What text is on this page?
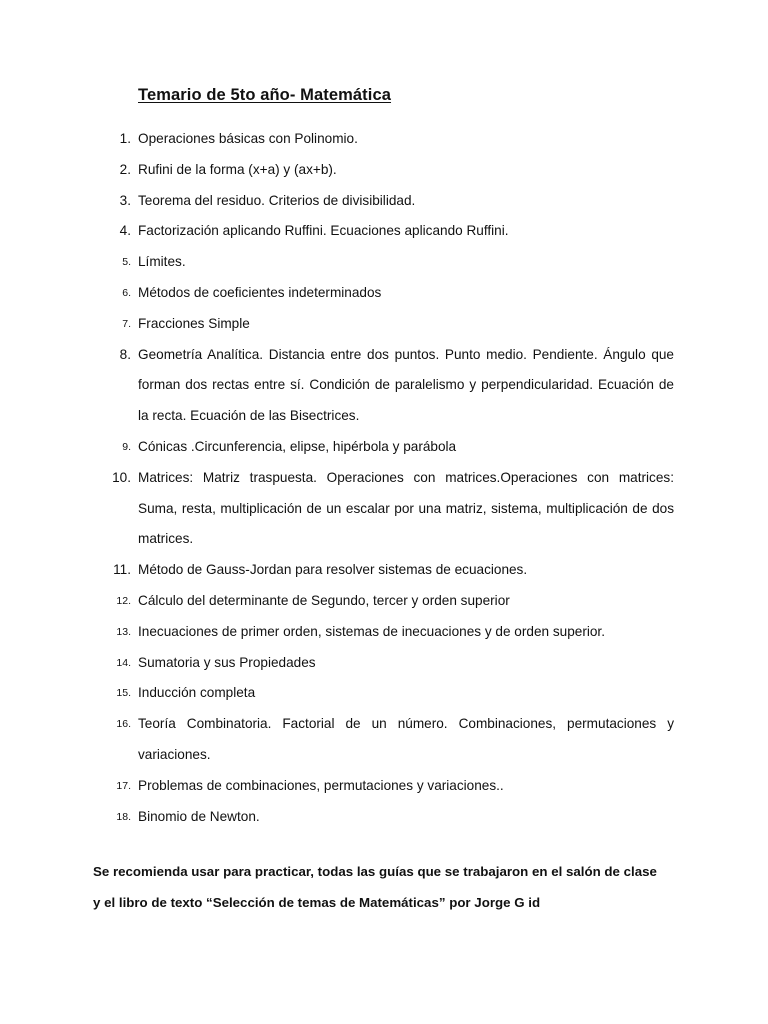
Temario de 5to año- Matemática
1. Operaciones básicas con Polinomio.
2. Rufini de la forma (x+a) y (ax+b).
3. Teorema del residuo. Criterios de divisibilidad.
4. Factorización aplicando Ruffini. Ecuaciones aplicando Ruffini.
5. Límites.
6. Métodos de coeficientes indeterminados
7. Fracciones Simple
8. Geometría Analítica. Distancia entre dos puntos. Punto medio. Pendiente. Ángulo que forman dos rectas entre sí. Condición de paralelismo y perpendicularidad. Ecuación de la recta. Ecuación de las Bisectrices.
9. Cónicas .Circunferencia, elipse, hipérbola y parábola
10. Matrices: Matriz traspuesta. Operaciones con matrices.Operaciones con matrices: Suma, resta, multiplicación de un escalar por una matriz, sistema, multiplicación de dos matrices.
11. Método de Gauss-Jordan para resolver sistemas de ecuaciones.
12. Cálculo del determinante de Segundo, tercer y orden superior
13. Inecuaciones de primer orden, sistemas de inecuaciones y de orden superior.
14. Sumatoria y sus Propiedades
15. Inducción completa
16. Teoría Combinatoria. Factorial de un número. Combinaciones, permutaciones y variaciones.
17. Problemas de combinaciones, permutaciones y variaciones..
18. Binomio de Newton.
Se recomienda usar para practicar, todas las guías que se trabajaron en el salón de clase y el libro de texto “Selección de temas de Matemáticas” por Jorge G id
